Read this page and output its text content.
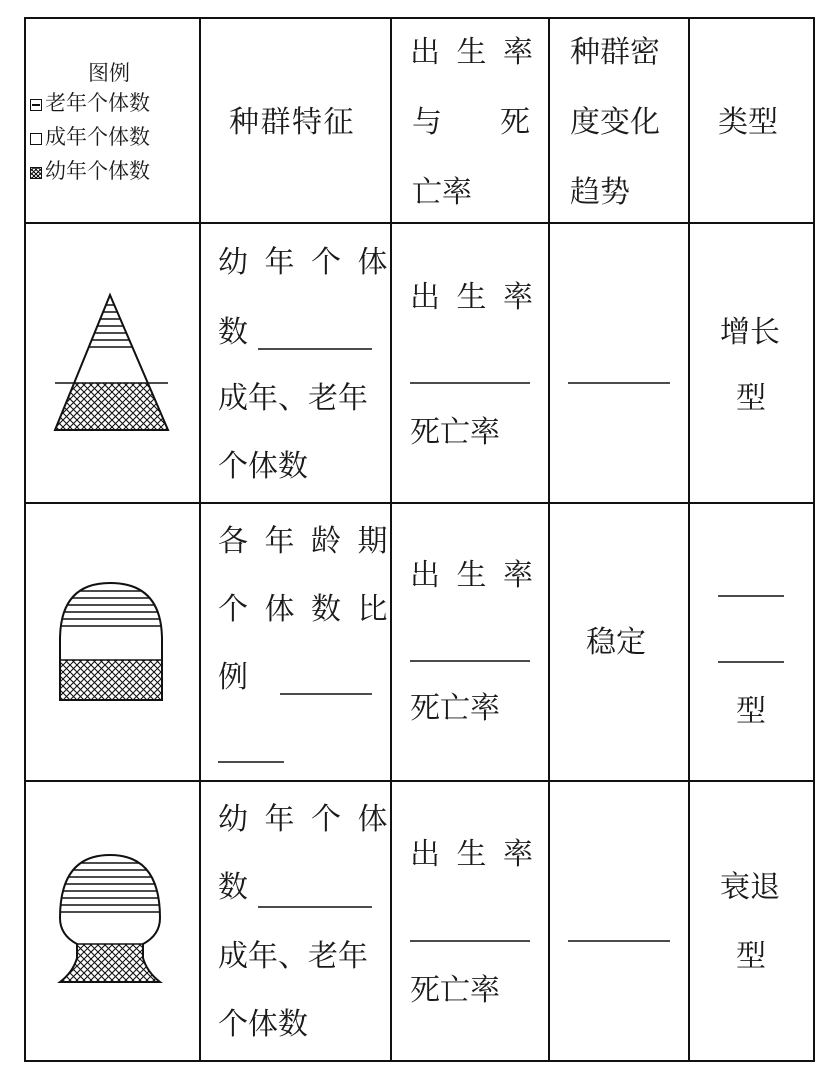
图例
老年个体数
成年个体数
幼年个体数
种群特征
出生率
与 死
亡率
种群密
度变化
趋势
类型
幼年个体
数
成年、老年
个体数
出生率
死亡率
增长
型
各年龄期
个体数比
例
出生率
死亡率
稳定
型
幼年个体
数
成年、老年
个体数
出生率
死亡率
衰退
型
